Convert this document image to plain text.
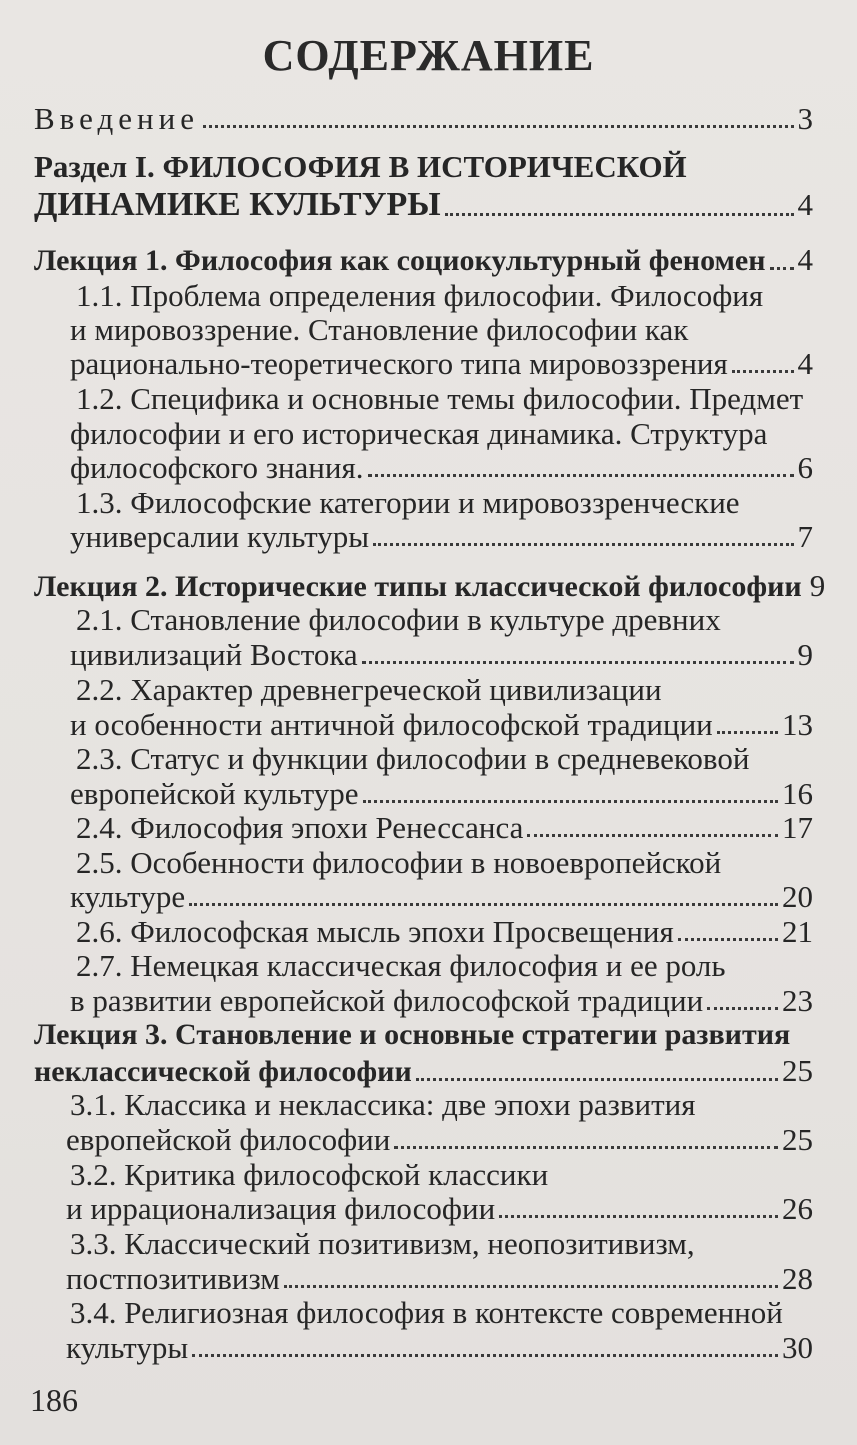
СОДЕРЖАНИЕ
Введение	3
Раздел I. ФИЛОСОФИЯ В ИСТОРИЧЕСКОЙ
ДИНАМИКЕ КУЛЬТУРЫ	4
Лекция 1. Философия как социокультурный феномен 4
1.1. Проблема определения философии. Философия
и мировоззрение. Становление философии как
рационально-теоретического типа мировоззрения 4
1.2. Специфика и основные темы философии. Предмет
философии и его историческая динамика. Структура
философского знания.	6
1.3. Философские категории и мировоззренческие
универсалии культуры	7
Лекция 2. Исторические типы классической философии 9
2.1. Становление философии в культуре древних
цивилизаций Востока	9
2.2. Характер древнегреческой цивилизации
и особенности античной философской традиции 13
2.3. Статус и функции философии в средневековой
европейской культуре	16
2.4. Философия эпохи Ренессанса	17
2.5. Особенности философии в новоевропейской
культуре	20
2.6. Философская мысль эпохи Просвещения	21
2.7. Немецкая классическая философия и ее роль
в развитии европейской философской традиции	23
Лекция 3. Становление и основные стратегии развития
неклассической философии	25
3.1. Классика и неклассика: две эпохи развития
европейской философии	25
3.2. Критика философской классики
и иррационализация философии	26
3.3. Классический позитивизм, неопозитивизм,
постпозитивизм	28
3.4. Религиозная философия в контексте современной
культуры	30
186
